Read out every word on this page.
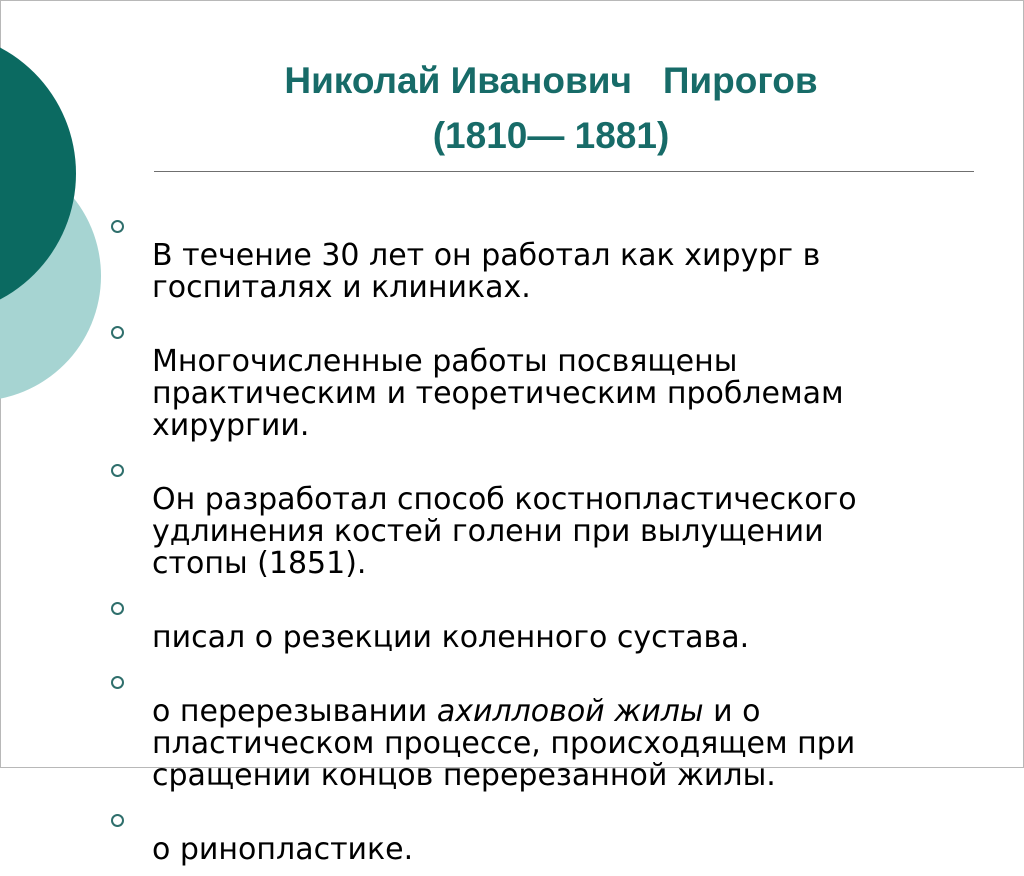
Николай Иванович   Пирогов
(1810— 1881)

В течение 30 лет он работал как хирург в
госпиталях и клиниках.

Многочисленные работы посвящены
практическим и теоретическим проблемам
хирургии.

Он разработал способ костнопластического
удлинения костей голени при вылущении
стопы (1851).

писал о резекции коленного сустава.

о перерезывании ахилловой жилы и о
пластическом процессе, происходящем при
сращении концов перерезанной жилы.

о ринопластике.
